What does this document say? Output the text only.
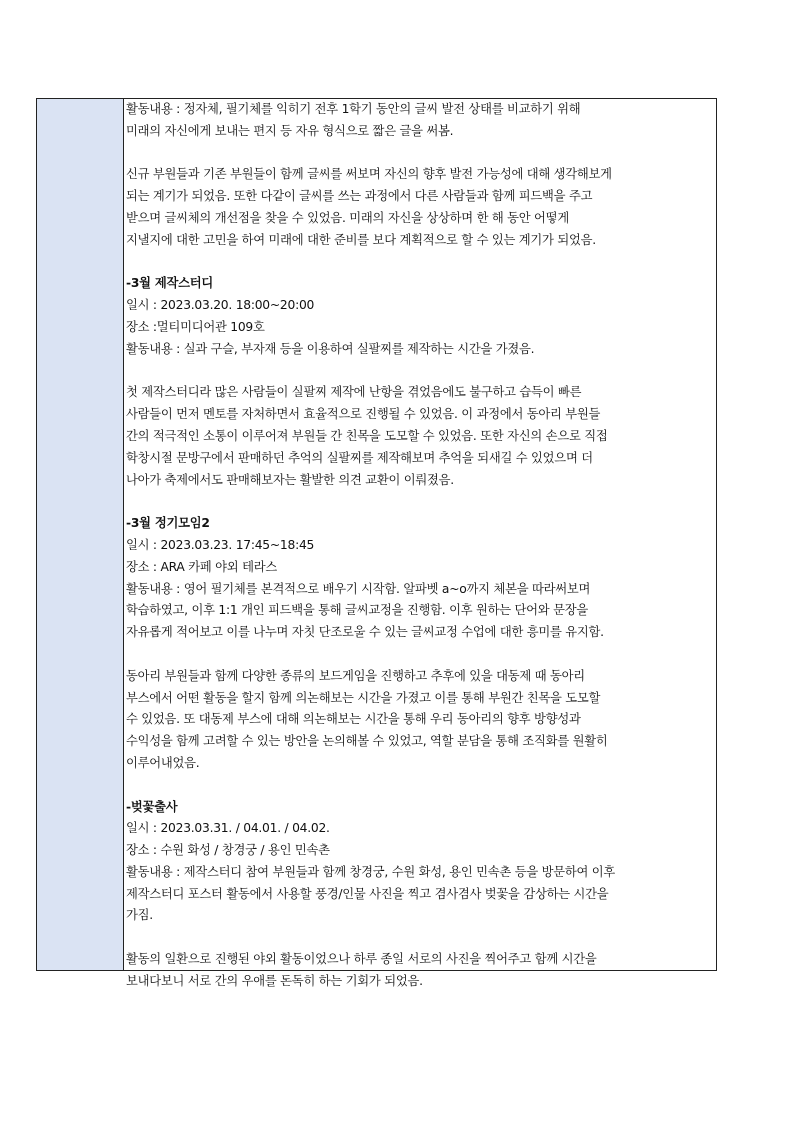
활동내용 : 정자체, 필기체를 익히기 전후 1학기 동안의 글씨 발전 상태를 비교하기 위해
미래의 자신에게 보내는 편지 등 자유 형식으로 짧은 글을 써봄.
신규 부원들과 기존 부원들이 함께 글씨를 써보며 자신의 향후 발전 가능성에 대해 생각해보게
되는 계기가 되었음. 또한 다같이 글씨를 쓰는 과정에서 다른 사람들과 함께 피드백을 주고
받으며 글씨체의 개선점을 찾을 수 있었음. 미래의 자신을 상상하며 한 해 동안 어떻게
지낼지에 대한 고민을 하여 미래에 대한 준비를 보다 계획적으로 할 수 있는 계기가 되었음.
-3월 제작스터디
일시 : 2023.03.20. 18:00~20:00
장소 :멀티미디어관 109호
활동내용 : 실과 구슬, 부자재 등을 이용하여 실팔찌를 제작하는 시간을 가졌음.
첫 제작스터디라 많은 사람들이 실팔찌 제작에 난항을 겪었음에도 불구하고 습득이 빠른
사람들이 먼저 멘토를 자처하면서 효율적으로 진행될 수 있었음. 이 과정에서 동아리 부원들
간의 적극적인 소통이 이루어져 부원들 간 친목을 도모할 수 있었음. 또한 자신의 손으로 직접
학창시절 문방구에서 판매하던 추억의 실팔찌를 제작해보며 추억을 되새길 수 있었으며 더
나아가 축제에서도 판매해보자는 활발한 의견 교환이 이뤄졌음.
-3월 정기모임2
일시 : 2023.03.23. 17:45~18:45
장소 : ARA 카페 야외 테라스
활동내용 : 영어 필기체를 본격적으로 배우기 시작함. 알파벳 a~o까지 체본을 따라써보며
학습하였고, 이후 1:1 개인 피드백을 통해 글씨교정을 진행함. 이후 원하는 단어와 문장을
자유롭게 적어보고 이를 나누며 자칫 단조로울 수 있는 글씨교정 수업에 대한 흥미를 유지함.
동아리 부원들과 함께 다양한 종류의 보드게임을 진행하고 추후에 있을 대동제 때 동아리
부스에서 어떤 활동을 할지 함께 의논해보는 시간을 가졌고 이를 통해 부원간 친목을 도모할
수 있었음. 또 대동제 부스에 대해 의논해보는 시간을 통해 우리 동아리의 향후 방향성과
수익성을 함께 고려할 수 있는 방안을 논의해볼 수 있었고, 역할 분담을 통해 조직화를 원활히
이루어내었음.
-벚꽃출사
일시 : 2023.03.31. / 04.01. / 04.02.
장소 : 수원 화성 / 창경궁 / 용인 민속촌
활동내용 : 제작스터디 참여 부원들과 함께 창경궁, 수원 화성, 용인 민속촌 등을 방문하여 이후
제작스터디 포스터 활동에서 사용할 풍경/인물 사진을 찍고 겸사겸사 벚꽃을 감상하는 시간을
가짐.
활동의 일환으로 진행된 야외 활동이었으나 하루 종일 서로의 사진을 찍어주고 함께 시간을
보내다보니 서로 간의 우애를 돈독히 하는 기회가 되었음.
